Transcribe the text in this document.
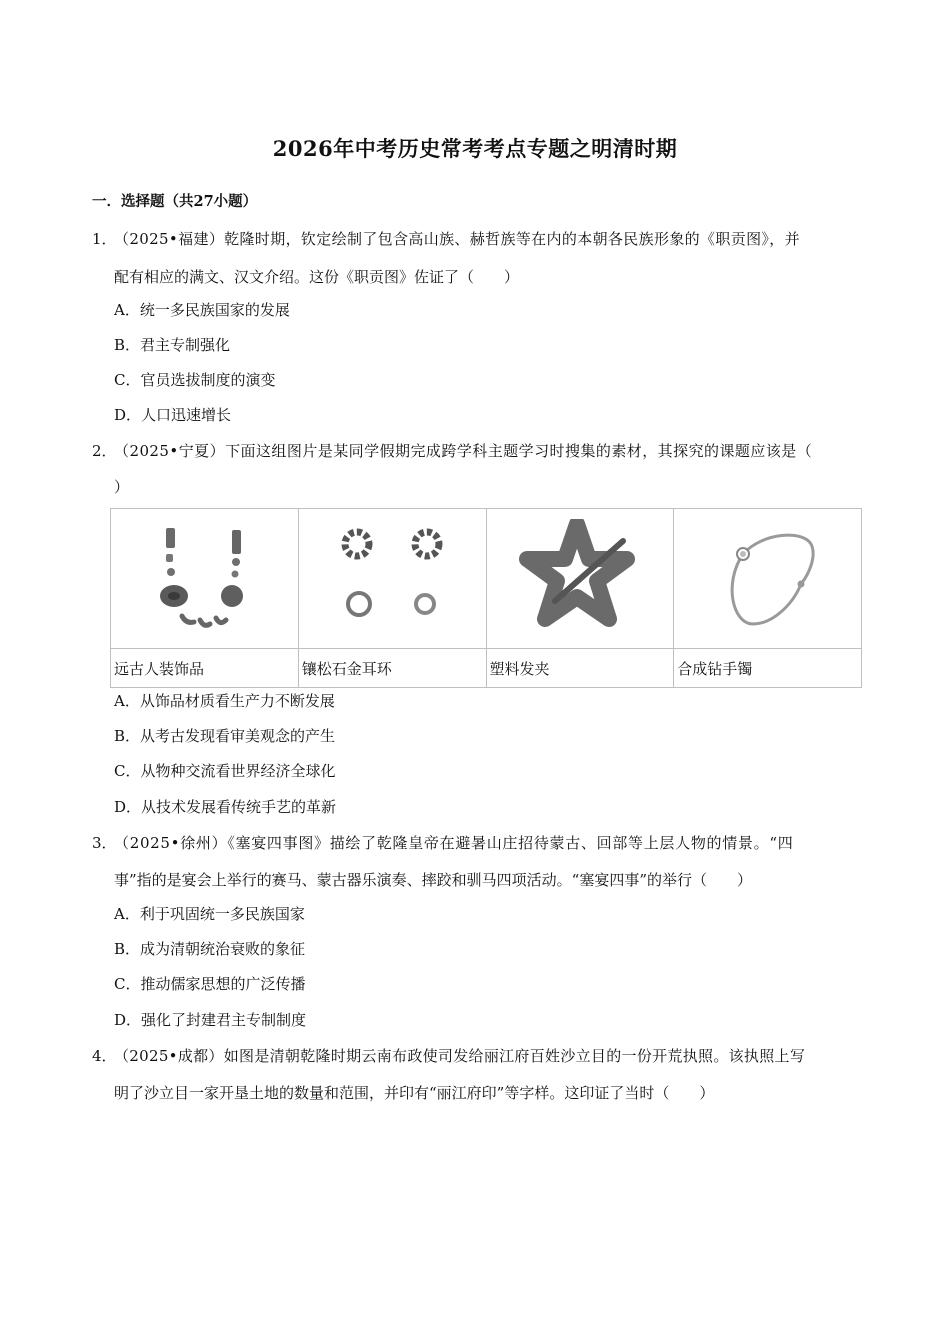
2026年中考历史常考考点专题之明清时期
一．选择题（共27小题）
1．
（2025•福建）乾隆时期，钦定绘制了包含高山族、赫哲族等在内的本朝各民族形象的《职贡图》，并
配有相应的满文、汉文介绍。这份《职贡图》佐证了（　　）
A．统一多民族国家的发展
B．君主专制强化
C．官员选拔制度的演变
D．人口迅速增长
2．
（2025•宁夏）下面这组图片是某同学假期完成跨学科主题学习时搜集的素材，其探究的课题应该是（
）

远古人装饰品	镶松石金耳环	塑料发夹	合成钻手镯
A．从饰品材质看生产力不断发展
B．从考古发现看审美观念的产生
C．从物种交流看世界经济全球化
D．从技术发展看传统手艺的革新
3．
（2025•徐州）《塞宴四事图》描绘了乾隆皇帝在避暑山庄招待蒙古、回部等上层人物的情景。“四
事”指的是宴会上举行的赛马、蒙古器乐演奏、摔跤和驯马四项活动。“塞宴四事”的举行（　　）
A．利于巩固统一多民族国家
B．成为清朝统治衰败的象征
C．推动儒家思想的广泛传播
D．强化了封建君主专制制度
4．
（2025•成都）如图是清朝乾隆时期云南布政使司发给丽江府百姓沙立目的一份开荒执照。该执照上写
明了沙立目一家开垦土地的数量和范围，并印有“丽江府印”等字样。这印证了当时（　　）
